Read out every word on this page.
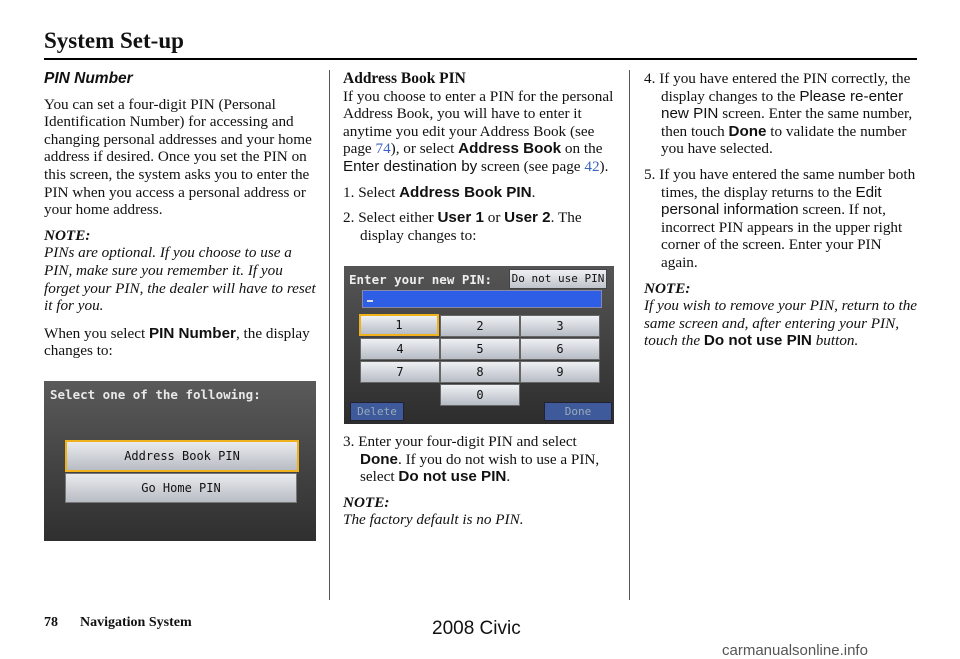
System Set-up

PIN Number

You can set a four-digit PIN (Personal Identification Number) for accessing and changing personal addresses and your home address if desired. Once you set the PIN on this screen, the system asks you to enter the PIN when you access a personal address or your home address.

NOTE:

PINs are optional. If you choose to use a PIN, make sure you remember it. If you forget your PIN, the dealer will have to reset it for you.

When you select PIN Number, the display changes to:

Select one of the following:
Address Book PIN
Go Home PIN

Address Book PIN

If you choose to enter a PIN for the personal Address Book, you will have to enter it anytime you edit your Address Book (see page 74), or select Address Book on the Enter destination by screen (see page 42).

1. Select Address Book PIN.

2. Select either User 1 or User 2. The display changes to:

Enter your new PIN: Do not use PIN
1	2	3
4	5	6
7	8	9
0
Delete	Done

3. Enter your four-digit PIN and select Done. If you do not wish to use a PIN, select Do not use PIN.

NOTE:

The factory default is no PIN.

4. If you have entered the PIN correctly, the display changes to the Please re-enter new PIN screen. Enter the same number, then touch Done to validate the number you have selected.

5. If you have entered the same number both times, the display returns to the Edit personal information screen. If not, incorrect PIN appears in the upper right corner of the screen. Enter your PIN again.

NOTE:

If you wish to remove your PIN, return to the same screen and, after entering your PIN, touch the Do not use PIN button.

78 Navigation System	2008 Civic
carmanualsonline.info
